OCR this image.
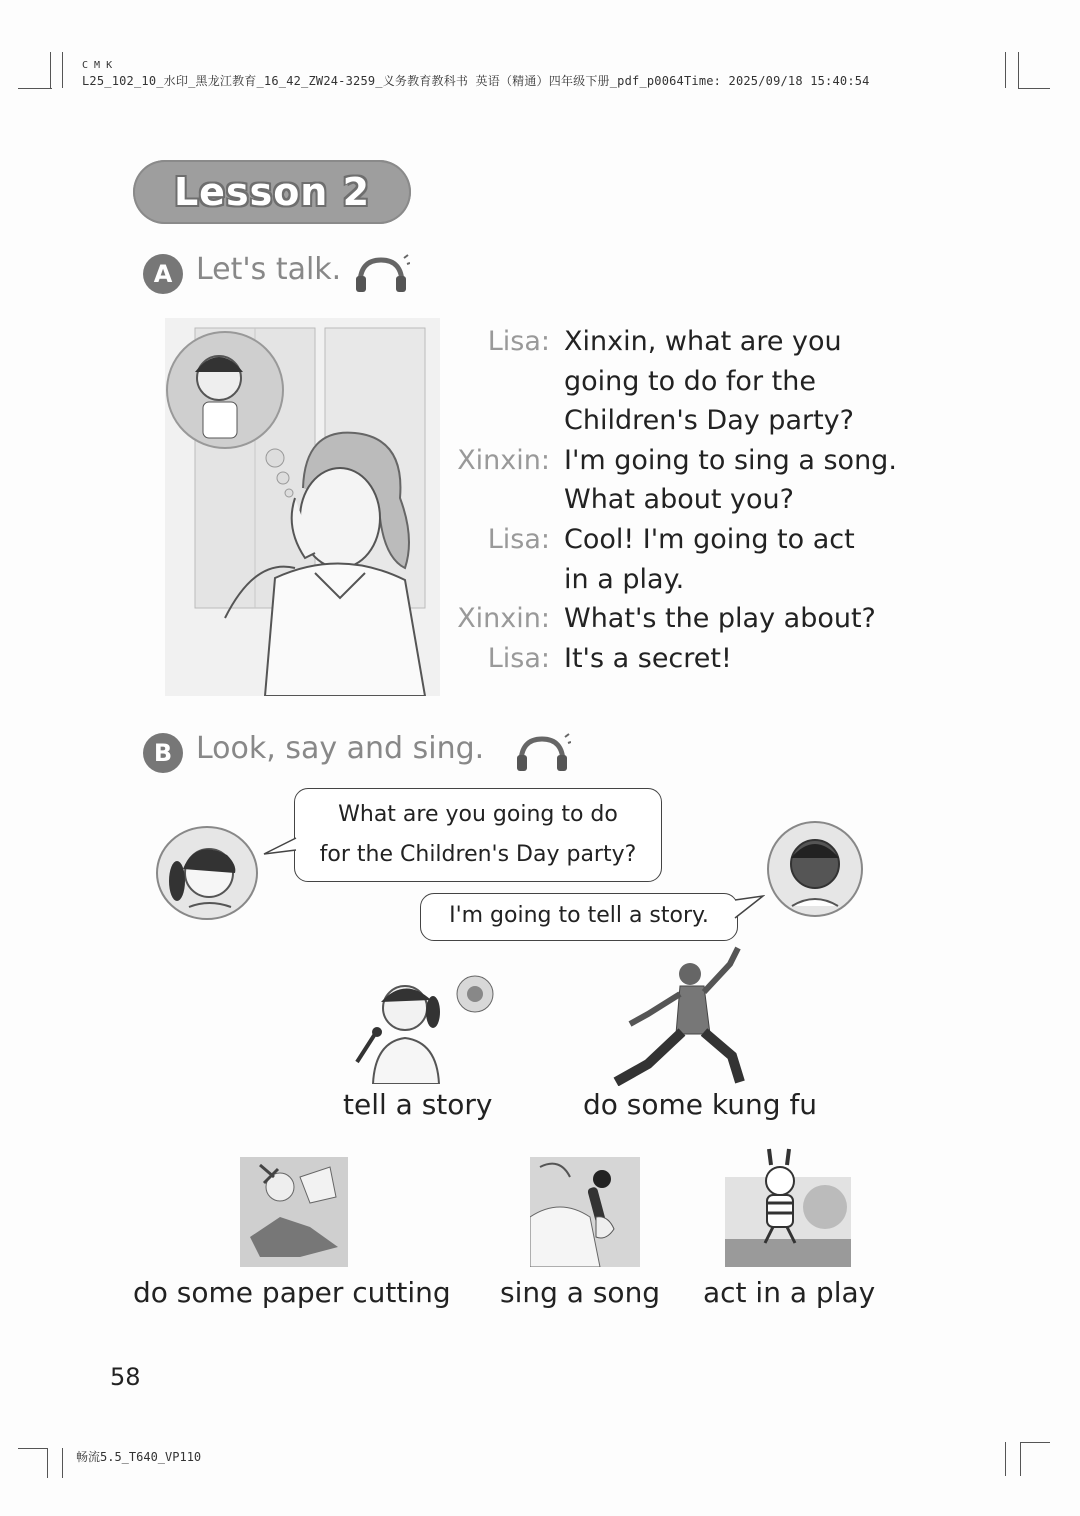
C M K
L25_102_10_水印_黑龙江教育_16_42_ZW24-3259_义务教育教科书 英语（精通）四年级下册_pdf_p0064Time: 2025/09/18 15:40:54
Lesson 2
A Let's talk.
Lisa: Xinxin, what are you
going to do for the
Children's Day party?
Xinxin: I'm going to sing a song.
What about you?
Lisa: Cool! I'm going to act
in a play.
Xinxin: What's the play about?
Lisa: It's a secret!
B Look, say and sing.
What are you going to do
for the Children's Day party?
I'm going to tell a story.
tell a story	do some kung fu
do some paper cutting sing a song act in a play
58
畅流5.5_T640_VP110
